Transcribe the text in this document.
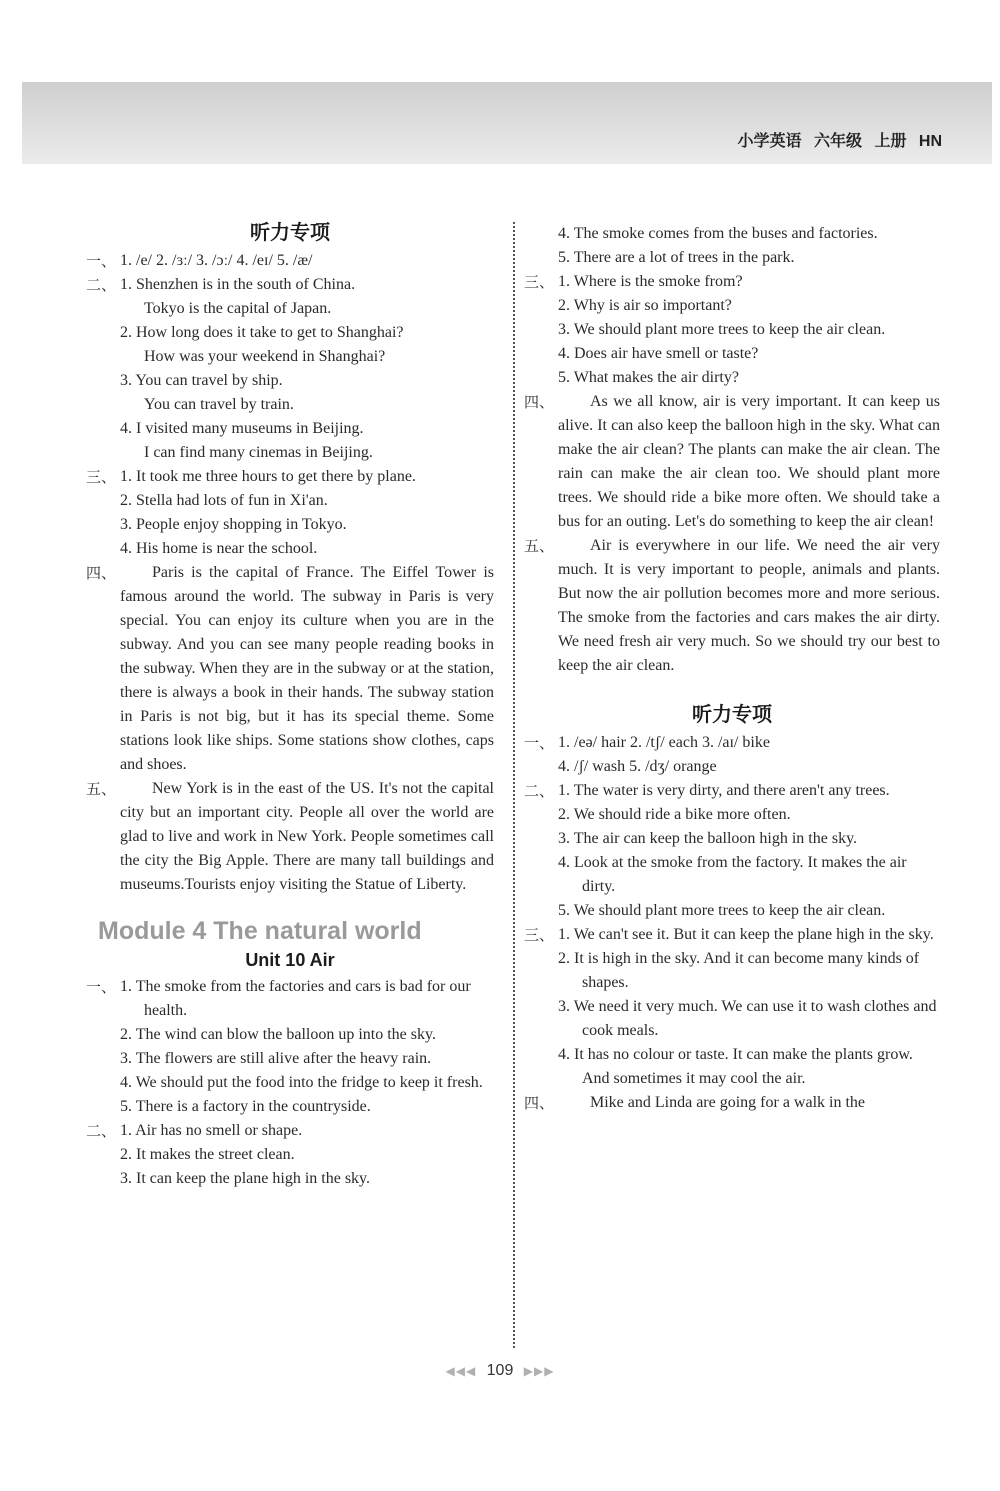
小学英语 六年级 上册 HN
听力专项
一、 1. /e/ 2. /ɜː/ 3. /ɔː/ 4. /eɪ/ 5. /æ/
二、 1. Shenzhen is in the south of China.
Tokyo is the capital of Japan.
2. How long does it take to get to Shanghai?
How was your weekend in Shanghai?
3. You can travel by ship.
You can travel by train.
4. I visited many museums in Beijing.
I can find many cinemas in Beijing.
三、 1. It took me three hours to get there by plane.
2. Stella had lots of fun in Xi'an.
3. People enjoy shopping in Tokyo.
4. His home is near the school.
四、	Paris is the capital of France. The Eiffel Tower is famous around the world. The subway in Paris is very special. You can enjoy its culture when you are in the subway. And you can see many people reading books in the subway. When they are in the subway or at the station, there is always a book in their hands. The subway station in Paris is not big, but it has its special theme. Some stations look like ships. Some stations show clothes, caps and shoes.
五、	New York is in the east of the US. It's not the capital city but an important city. People all over the world are glad to live and work in New York. People sometimes call the city the Big Apple. There are many tall buildings and museums.Tourists enjoy visiting the Statue of Liberty.
Module 4 The natural world
Unit 10 Air
一、 1. The smoke from the factories and cars is bad for our health.
2. The wind can blow the balloon up into the sky.
3. The flowers are still alive after the heavy rain.
4. We should put the food into the fridge to keep it fresh.
5. There is a factory in the countryside.
二、 1. Air has no smell or shape.
2. It makes the street clean.
3. It can keep the plane high in the sky.
4. The smoke comes from the buses and factories.
5. There are a lot of trees in the park.
三、 1. Where is the smoke from?
2. Why is air so important?
3. We should plant more trees to keep the air clean.
4. Does air have smell or taste?
5. What makes the air dirty?
四、	As we all know, air is very important. It can keep us alive. It can also keep the balloon high in the sky. What can make the air clean? The plants can make the air clean. The rain can make the air clean too. We should plant more trees. We should ride a bike more often. We should take a bus for an outing. Let's do something to keep the air clean!
五、	Air is everywhere in our life. We need the air very much. It is very important to people, animals and plants. But now the air pollution becomes more and more serious. The smoke from the factories and cars makes the air dirty. We need fresh air very much. So we should try our best to keep the air clean.
听力专项
一、 1. /eə/ hair 2. /tʃ/ each 3. /aɪ/ bike
4. /ʃ/ wash 5. /dʒ/ orange
二、 1. The water is very dirty, and there aren't any trees.
2. We should ride a bike more often.
3. The air can keep the balloon high in the sky.
4. Look at the smoke from the factory. It makes the air dirty.
5. We should plant more trees to keep the air clean.
三、 1. We can't see it. But it can keep the plane high in the sky.
2. It is high in the sky. And it can become many kinds of shapes.
3. We need it very much. We can use it to wash clothes and cook meals.
4. It has no colour or taste. It can make the plants grow. And sometimes it may cool the air.
四、	Mike and Linda are going for a walk in the
◀◀◀ 109 ▶▶▶
